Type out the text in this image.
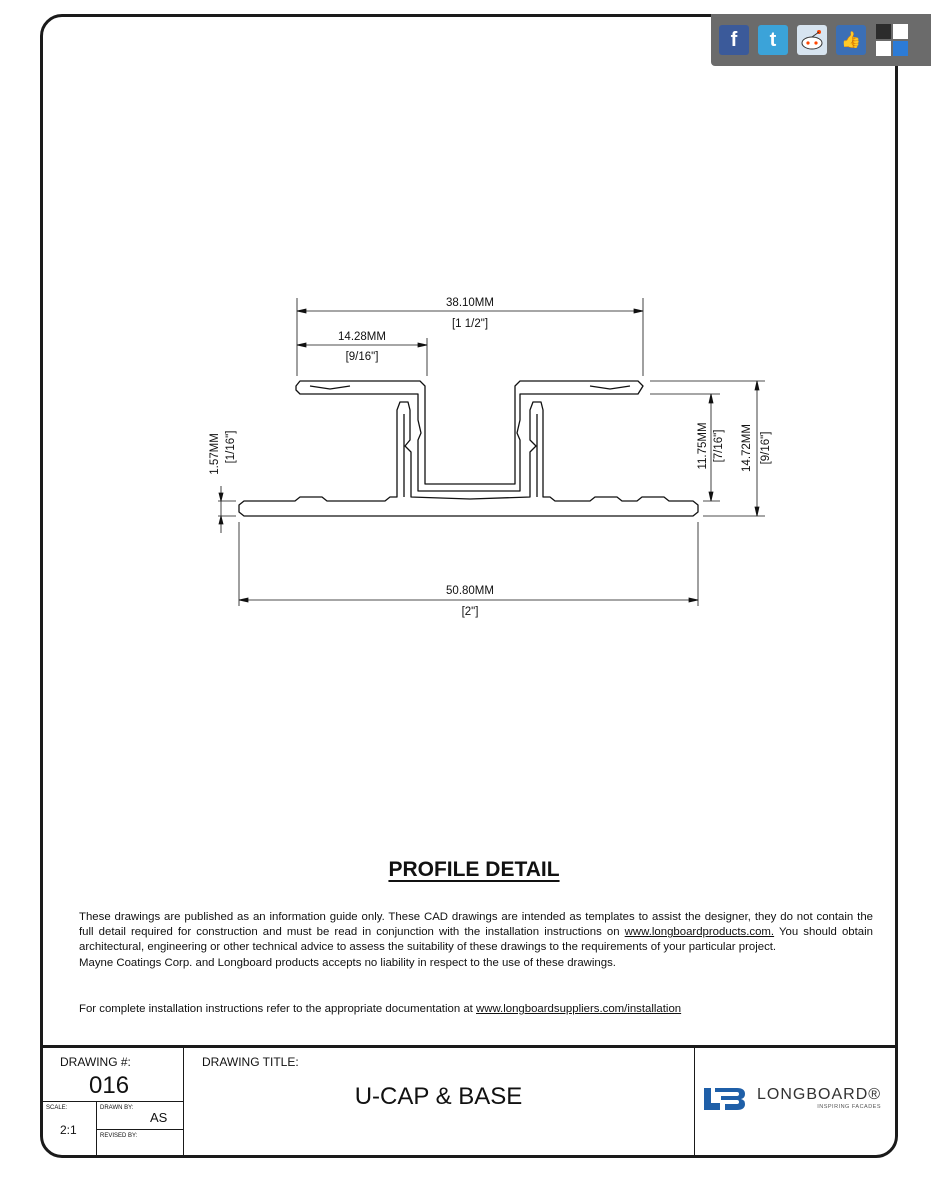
f t	👍
38.10MM
[1 1/2"]
14.28MM
[9/16"]
1.57MM [1/16"]	11.75MM [7/16"] 14.72MM [9/16"]
50.80MM
[2"]
PROFILE DETAIL
These drawings are published as an information guide only. These CAD drawings are intended as templates to assist the designer, they do not contain the full detail required for construction and must be read in conjunction with the installation instructions on www.longboardproducts.com. You should obtain architectural, engineering or other technical advice to assess the suitability of these drawings to the requirements of your particular project.
Mayne Coatings Corp. and Longboard products accepts no liability in respect to the use of these drawings.
For complete installation instructions refer to the appropriate documentation at www.longboardsuppliers.com/installation
DRAWING #:
016
SCALE:
2:1
DRAWN BY:
AS
REVISED BY:
DRAWING TITLE:
U-CAP & BASE	LONGBOARD®
INSPIRING FACADES
